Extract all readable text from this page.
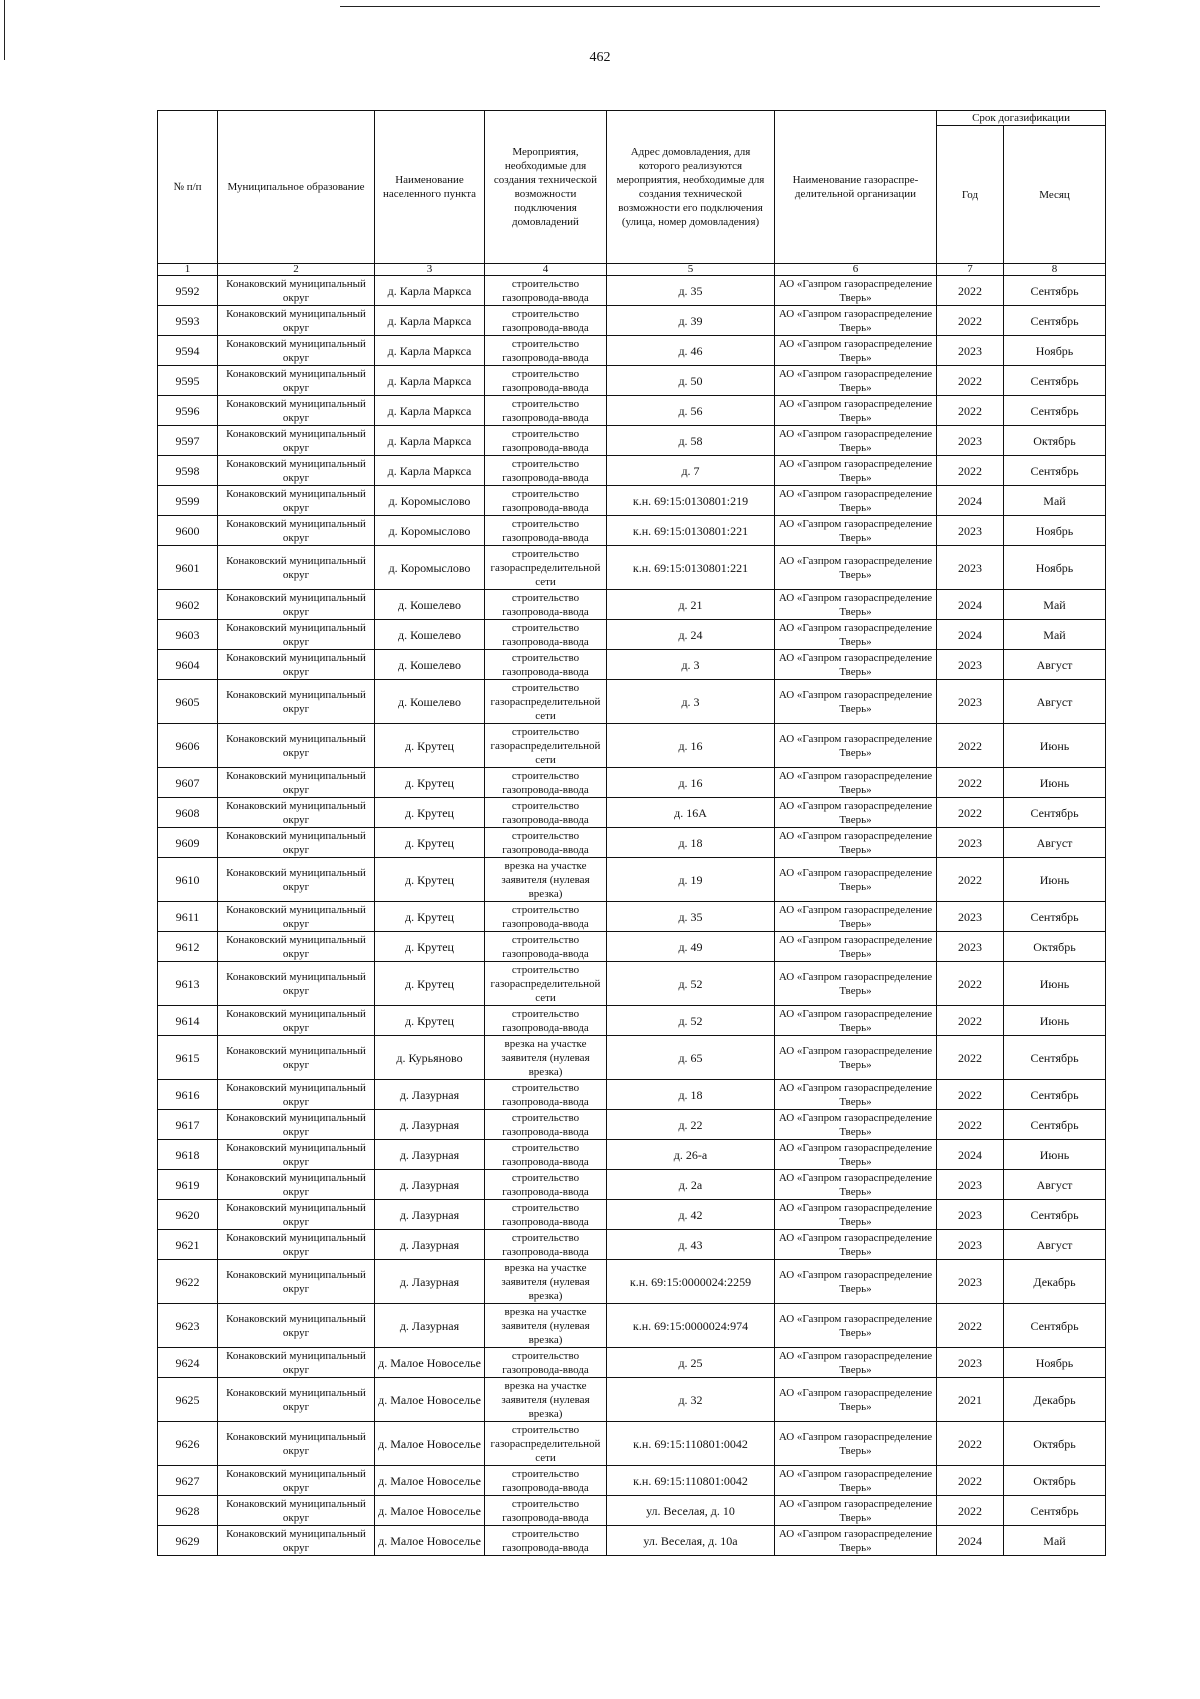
462
№ п/п	Муниципальное образование	Наименование населенного пункта	Мероприятия, необходимые для создания технической возможности подключения домовладений	Адрес домовладения, для которого реализуются мероприятия, необходимые для создания технической возможности его подключения (улица, номер домовладения)	Наименование газораспре-делительной организации	Срок догазификации	
						Год	Месяц
1	2	3	4	5	6	7	8
9592	Конаковский муниципальный округ	д. Карла Маркса	строительство газопровода-ввода	д. 35	АО «Газпром газораспределение Тверь»	2022	Сентябрь
9593	Конаковский муниципальный округ	д. Карла Маркса	строительство газопровода-ввода	д. 39	АО «Газпром газораспределение Тверь»	2022	Сентябрь
9594	Конаковский муниципальный округ	д. Карла Маркса	строительство газопровода-ввода	д. 46	АО «Газпром газораспределение Тверь»	2023	Ноябрь
9595	Конаковский муниципальный округ	д. Карла Маркса	строительство газопровода-ввода	д. 50	АО «Газпром газораспределение Тверь»	2022	Сентябрь
9596	Конаковский муниципальный округ	д. Карла Маркса	строительство газопровода-ввода	д. 56	АО «Газпром газораспределение Тверь»	2022	Сентябрь
9597	Конаковский муниципальный округ	д. Карла Маркса	строительство газопровода-ввода	д. 58	АО «Газпром газораспределение Тверь»	2023	Октябрь
9598	Конаковский муниципальный округ	д. Карла Маркса	строительство газопровода-ввода	д. 7	АО «Газпром газораспределение Тверь»	2022	Сентябрь
9599	Конаковский муниципальный округ	д. Коромыслово	строительство газопровода-ввода	к.н. 69:15:0130801:219	АО «Газпром газораспределение Тверь»	2024	Май
9600	Конаковский муниципальный округ	д. Коромыслово	строительство газопровода-ввода	к.н. 69:15:0130801:221	АО «Газпром газораспределение Тверь»	2023	Ноябрь
9601	Конаковский муниципальный округ	д. Коромыслово	строительство газораспределительной сети	к.н. 69:15:0130801:221	АО «Газпром газораспределение Тверь»	2023	Ноябрь
9602	Конаковский муниципальный округ	д. Кошелево	строительство газопровода-ввода	д. 21	АО «Газпром газораспределение Тверь»	2024	Май
9603	Конаковский муниципальный округ	д. Кошелево	строительство газопровода-ввода	д. 24	АО «Газпром газораспределение Тверь»	2024	Май
9604	Конаковский муниципальный округ	д. Кошелево	строительство газопровода-ввода	д. 3	АО «Газпром газораспределение Тверь»	2023	Август
9605	Конаковский муниципальный округ	д. Кошелево	строительство газораспределительной сети	д. 3	АО «Газпром газораспределение Тверь»	2023	Август
9606	Конаковский муниципальный округ	д. Крутец	строительство газораспределительной сети	д. 16	АО «Газпром газораспределение Тверь»	2022	Июнь
9607	Конаковский муниципальный округ	д. Крутец	строительство газопровода-ввода	д. 16	АО «Газпром газораспределение Тверь»	2022	Июнь
9608	Конаковский муниципальный округ	д. Крутец	строительство газопровода-ввода	д. 16А	АО «Газпром газораспределение Тверь»	2022	Сентябрь
9609	Конаковский муниципальный округ	д. Крутец	строительство газопровода-ввода	д. 18	АО «Газпром газораспределение Тверь»	2023	Август
9610	Конаковский муниципальный округ	д. Крутец	врезка на участке заявителя (нулевая врезка)	д. 19	АО «Газпром газораспределение Тверь»	2022	Июнь
9611	Конаковский муниципальный округ	д. Крутец	строительство газопровода-ввода	д. 35	АО «Газпром газораспределение Тверь»	2023	Сентябрь
9612	Конаковский муниципальный округ	д. Крутец	строительство газопровода-ввода	д. 49	АО «Газпром газораспределение Тверь»	2023	Октябрь
9613	Конаковский муниципальный округ	д. Крутец	строительство газораспределительной сети	д. 52	АО «Газпром газораспределение Тверь»	2022	Июнь
9614	Конаковский муниципальный округ	д. Крутец	строительство газопровода-ввода	д. 52	АО «Газпром газораспределение Тверь»	2022	Июнь
9615	Конаковский муниципальный округ	д. Курьяново	врезка на участке заявителя (нулевая врезка)	д. 65	АО «Газпром газораспределение Тверь»	2022	Сентябрь
9616	Конаковский муниципальный округ	д. Лазурная	строительство газопровода-ввода	д. 18	АО «Газпром газораспределение Тверь»	2022	Сентябрь
9617	Конаковский муниципальный округ	д. Лазурная	строительство газопровода-ввода	д. 22	АО «Газпром газораспределение Тверь»	2022	Сентябрь
9618	Конаковский муниципальный округ	д. Лазурная	строительство газопровода-ввода	д. 26-а	АО «Газпром газораспределение Тверь»	2024	Июнь
9619	Конаковский муниципальный округ	д. Лазурная	строительство газопровода-ввода	д. 2а	АО «Газпром газораспределение Тверь»	2023	Август
9620	Конаковский муниципальный округ	д. Лазурная	строительство газопровода-ввода	д. 42	АО «Газпром газораспределение Тверь»	2023	Сентябрь
9621	Конаковский муниципальный округ	д. Лазурная	строительство газопровода-ввода	д. 43	АО «Газпром газораспределение Тверь»	2023	Август
9622	Конаковский муниципальный округ	д. Лазурная	врезка на участке заявителя (нулевая врезка)	к.н. 69:15:0000024:2259	АО «Газпром газораспределение Тверь»	2023	Декабрь
9623	Конаковский муниципальный округ	д. Лазурная	врезка на участке заявителя (нулевая врезка)	к.н. 69:15:0000024:974	АО «Газпром газораспределение Тверь»	2022	Сентябрь
9624	Конаковский муниципальный округ	д. Малое Новоселье	строительство газопровода-ввода	д. 25	АО «Газпром газораспределение Тверь»	2023	Ноябрь
9625	Конаковский муниципальный округ	д. Малое Новоселье	врезка на участке заявителя (нулевая врезка)	д. 32	АО «Газпром газораспределение Тверь»	2021	Декабрь
9626	Конаковский муниципальный округ	д. Малое Новоселье	строительство газораспределительной сети	к.н. 69:15:110801:0042	АО «Газпром газораспределение Тверь»	2022	Октябрь
9627	Конаковский муниципальный округ	д. Малое Новоселье	строительство газопровода-ввода	к.н. 69:15:110801:0042	АО «Газпром газораспределение Тверь»	2022	Октябрь
9628	Конаковский муниципальный округ	д. Малое Новоселье	строительство газопровода-ввода	ул. Веселая, д. 10	АО «Газпром газораспределение Тверь»	2022	Сентябрь
9629	Конаковский муниципальный округ	д. Малое Новоселье	строительство газопровода-ввода	ул. Веселая, д. 10а	АО «Газпром газораспределение Тверь»	2024	Май
